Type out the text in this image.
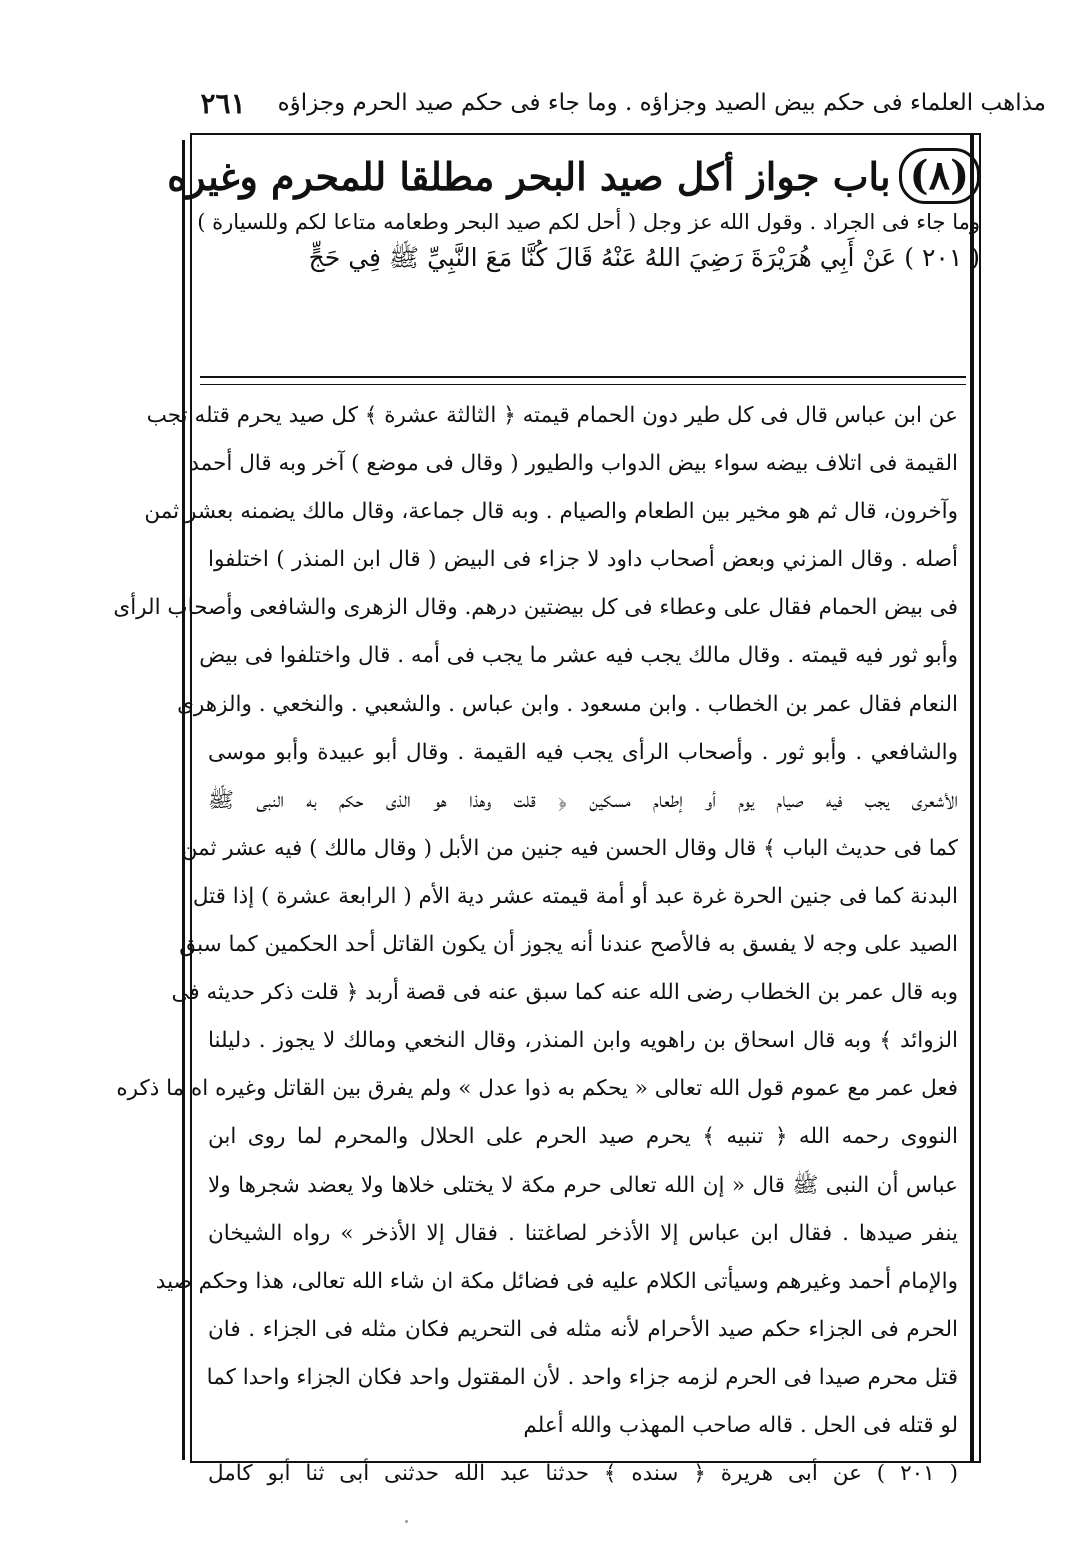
مذاهب العلماء فى حكم بيض الصيد وجزاؤه . وما جاء فى حكم صيد الحرم وجزاؤه
٢٦١
(٨)
باب جواز أكل صيد البحر مطلقا للمحرم وغيره
وما جاء فى الجراد . وقول الله عز وجل ( أحل لكم صيد البحر وطعامه متاعا لكم وللسيارة )
( ٢٠١ ) عَنْ أَبِي هُرَيْرَةَ رَضِيَ اللهُ عَنْهُ قَالَ كُنَّا مَعَ النَّبِيِّ ﷺ فِي حَجٍّ
عن ابن عباس قال فى كل طير دون الحمام قيمته ﴿ الثالثة عشرة ﴾ كل صيد يحرم قتله تجب
القيمة فى اتلاف بيضه سواء بيض الدواب والطيور ( وقال فى موضع ) آخر وبه قال أحمد
وآخرون، قال ثم هو مخير بين الطعام والصيام . وبه قال جماعة، وقال مالك يضمنه بعشر ثمن
أصله . وقال المزني وبعض أصحاب داود لا جزاء فى البيض ( قال ابن المنذر ) اختلفوا
فى بيض الحمام فقال على وعطاء فى كل بيضتين درهم. وقال الزهرى والشافعى وأصحاب الرأى
وأبو ثور فيه قيمته . وقال مالك يجب فيه عشر ما يجب فى أمه . قال واختلفوا فى بيض
النعام فقال عمر بن الخطاب . وابن مسعود . وابن عباس . والشعبي . والنخعي . والزهرى
والشافعي . وأبو ثور . وأصحاب الرأى يجب فيه القيمة . وقال أبو عبيدة وأبو موسى
الأشعرى يجب فيه صيام يوم أو إطعام مسكين ﴿ قلت وهذا هو الذى حكم به النبى ﷺ
كما فى حديث الباب ﴾ قال وقال الحسن فيه جنين من الأبل ( وقال مالك ) فيه عشر ثمن
البدنة كما فى جنين الحرة غرة عبد أو أمة قيمته عشر دية الأم ( الرابعة عشرة ) إذا قتل
الصيد على وجه لا يفسق به فالأصح عندنا أنه يجوز أن يكون القاتل أحد الحكمين كما سبق
وبه قال عمر بن الخطاب رضى الله عنه كما سبق عنه فى قصة أربد ﴿ قلت ذكر حديثه فى
الزوائد ﴾ وبه قال اسحاق بن راهويه وابن المنذر، وقال النخعي ومالك لا يجوز . دليلنا
فعل عمر مع عموم قول الله تعالى « يحكم به ذوا عدل » ولم يفرق بين القاتل وغيره اه ما ذكره
النووى رحمه الله ﴿ تنبيه ﴾ يحرم صيد الحرم على الحلال والمحرم لما روى ابن
عباس أن النبى ﷺ قال « إن الله تعالى حرم مكة لا يختلى خلاها ولا يعضد شجرها ولا
ينفر صيدها . فقال ابن عباس إلا الأذخر لصاغتنا . فقال إلا الأذخر » رواه الشيخان
والإمام أحمد وغيرهم وسيأتى الكلام عليه فى فضائل مكة ان شاء الله تعالى، هذا وحكم صيد
الحرم فى الجزاء حكم صيد الأحرام لأنه مثله فى التحريم فكان مثله فى الجزاء . فان
قتل محرم صيدا فى الحرم لزمه جزاء واحد . لأن المقتول واحد فكان الجزاء واحدا كما
لو قتله فى الحل . قاله صاحب المهذب والله أعلم
( ٢٠١ ) عن أبى هريرة ﴿ سنده ﴾ حدثنا عبد الله حدثنى أبى ثنا أبو كامل
